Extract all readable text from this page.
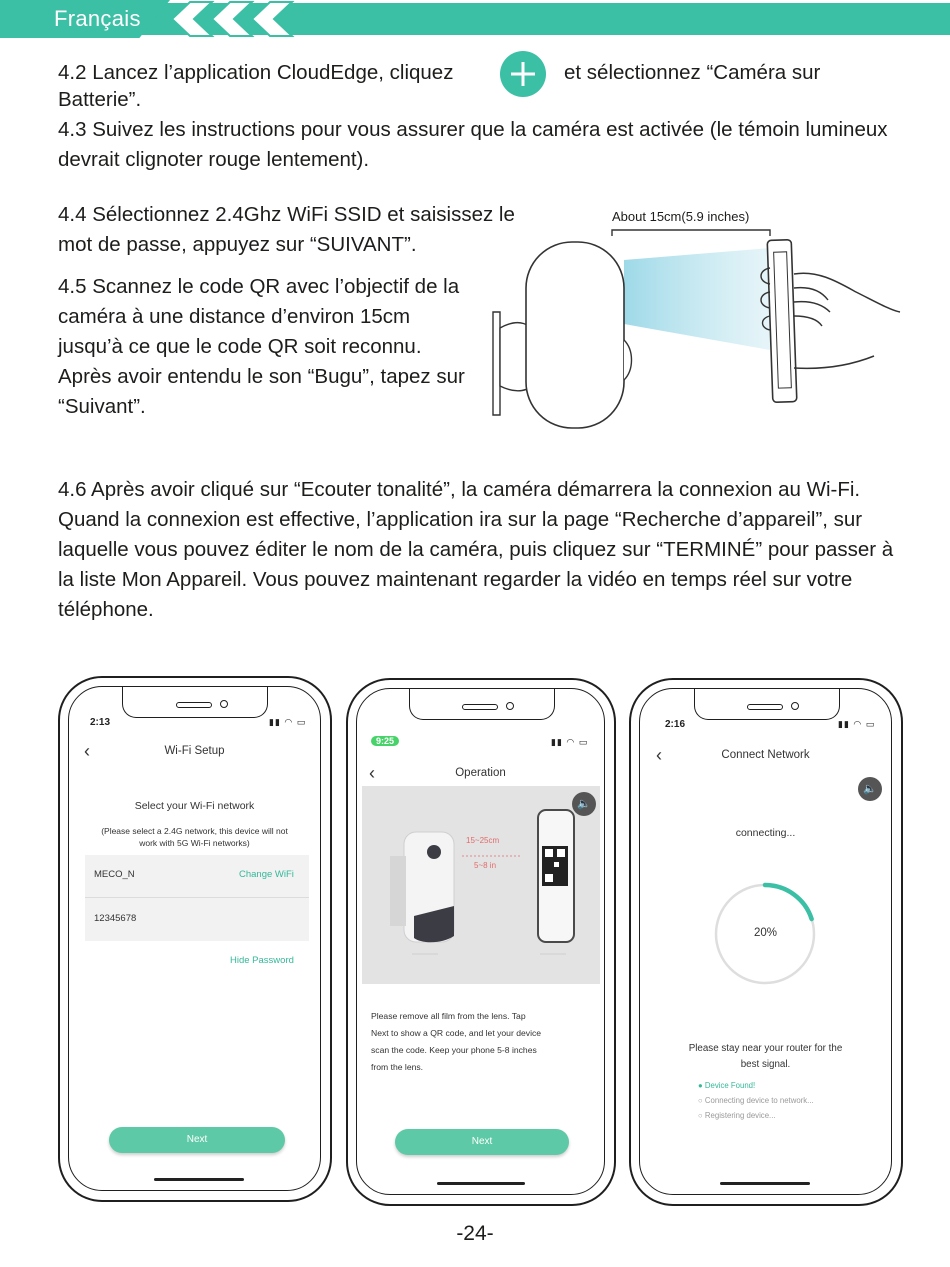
Français
4.2 Lancez l’application CloudEdge, cliquez	et sélectionnez “Caméra sur
Batterie”.
4.3 Suivez les instructions pour vous assurer que la caméra est activée (le témoin lumineux devrait clignoter rouge lentement).
4.4 Sélectionnez 2.4Ghz WiFi SSID et saisissez le mot de passe, appuyez sur “SUIVANT”.
4.5 Scannez le code QR avec l’objectif de la caméra à une distance d’environ 15cm jusqu’à ce que le code QR soit reconnu. Après avoir entendu le son “Bugu”, tapez sur “Suivant”.
About 15cm(5.9 inches)
4.6 Après avoir cliqué sur “Ecouter tonalité”, la caméra démarrera la connexion au Wi-Fi. Quand la connexion est effective, l’application ira sur la page “Recherche d’appareil”, sur laquelle vous pouvez éditer le nom de la caméra, puis cliquez sur “TERMINÉ” pour passer à la liste Mon Appareil. Vous pouvez maintenant regarder la vidéo en temps réel sur votre téléphone.
2:13	▮▮ ◠ ▭
‹	Wi-Fi Setup
Select your Wi-Fi network
(Please select a 2.4G network, this device will not
work with 5G Wi-Fi networks)
MECO_N	Change WiFi
12345678
Hide Password
Next
9:25	▮▮ ◠ ▭
‹	Operation
🔈
15~25cm
5~8 in
Please remove all film from the lens. Tap
Next to show a QR code, and let your device
scan the code. Keep your phone 5-8 inches
from the lens.
Next
2:16	▮▮ ◠ ▭
‹	Connect Network
🔈
connecting...
20%
Please stay near your router for the
best signal.
● Device Found!
○ Connecting device to network...
○ Registering device...
-24-
